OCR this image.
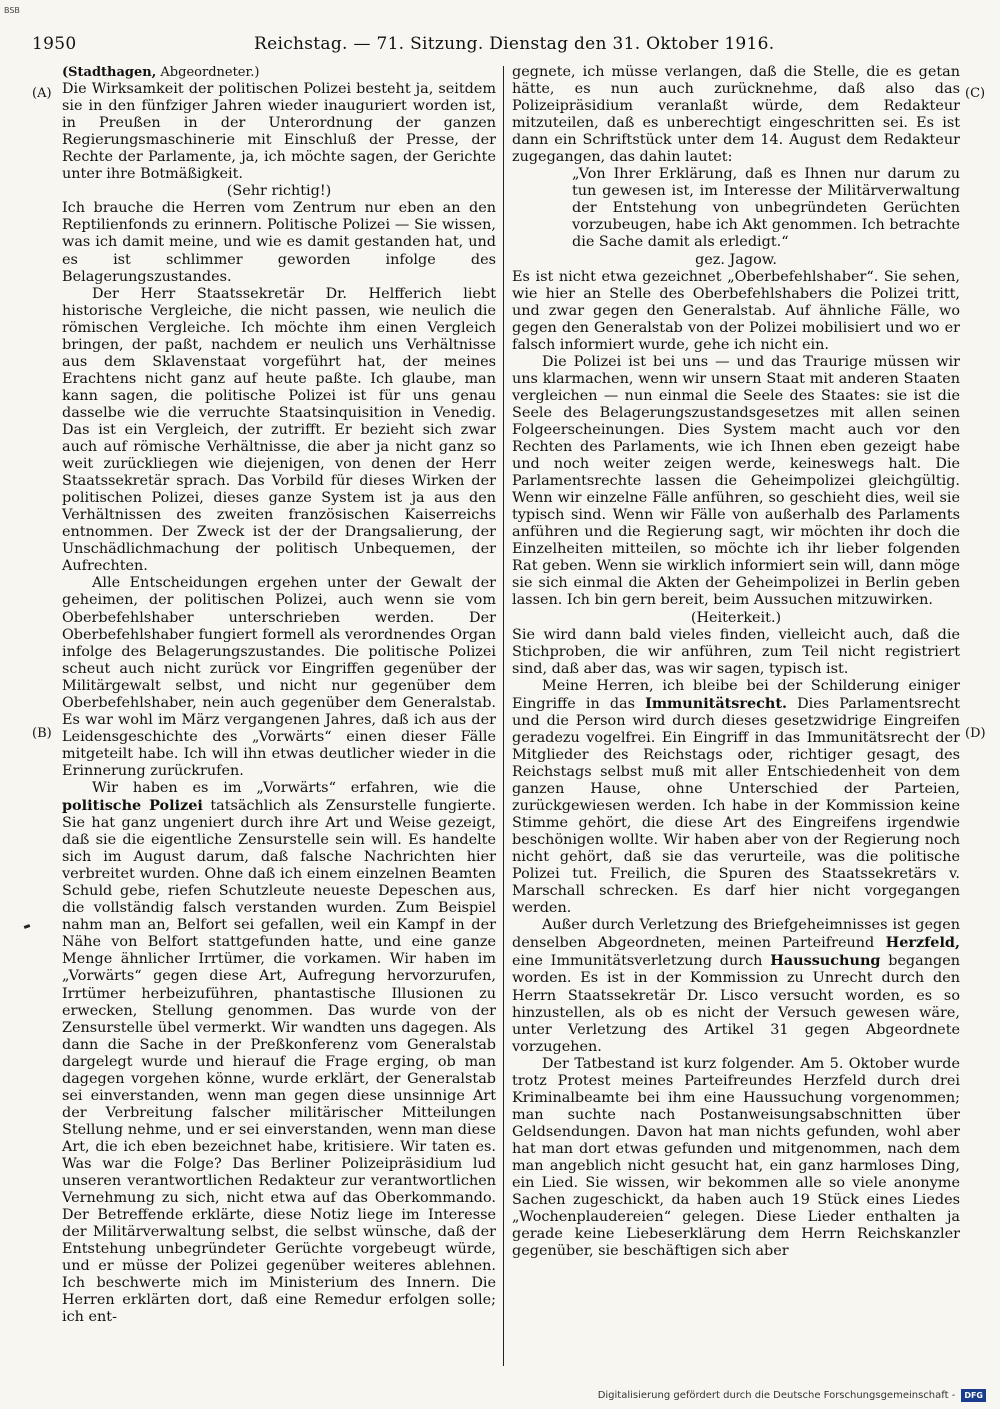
BSB
1950	Reichstag. — 71. Sitzung. Dienstag den 31. Oktober 1916.
(A)
(B)
(C)
(D)

(Stadthagen, Abgeordneter.)

Die Wirksamkeit der politischen Polizei besteht ja, seitdem sie in den fünfziger Jahren wieder inauguriert worden ist, in Preußen in der Unterordnung der ganzen Regierungsmaschinerie mit Einschluß der Presse, der Rechte der Parlamente, ja, ich möchte sagen, der Gerichte unter ihre Botmäßigkeit.

(Sehr richtig!)

Ich brauche die Herren vom Zentrum nur eben an den Reptilienfonds zu erinnern. Politische Polizei — Sie wissen, was ich damit meine, und wie es damit gestanden hat, und es ist schlimmer geworden infolge des Belagerungszustandes.

Der Herr Staatssekretär Dr. Helfferich liebt historische Vergleiche, die nicht passen, wie neulich die römischen Vergleiche. Ich möchte ihm einen Vergleich bringen, der paßt, nachdem er neulich uns Verhältnisse aus dem Sklavenstaat vorgeführt hat, der meines Erachtens nicht ganz auf heute paßte. Ich glaube, man kann sagen, die politische Polizei ist für uns genau dasselbe wie die verruchte Staatsinquisition in Venedig. Das ist ein Vergleich, der zutrifft. Er bezieht sich zwar auch auf römische Verhältnisse, die aber ja nicht ganz so weit zurückliegen wie diejenigen, von denen der Herr Staatssekretär sprach. Das Vorbild für dieses Wirken der politischen Polizei, dieses ganze System ist ja aus den Verhältnissen des zweiten französischen Kaiserreichs entnommen. Der Zweck ist der der Drangsalierung, der Unschädlichmachung der politisch Unbequemen, der Aufrechten.

Alle Entscheidungen ergehen unter der Gewalt der geheimen, der politischen Polizei, auch wenn sie vom Oberbefehlshaber unterschrieben werden. Der Oberbefehlshaber fungiert formell als verordnendes Organ infolge des Belagerungszustandes. Die politische Polizei scheut auch nicht zurück vor Eingriffen gegenüber der Militärgewalt selbst, und nicht nur gegenüber dem Oberbefehlshaber, nein auch gegenüber dem Generalstab. Es war wohl im März vergangenen Jahres, daß ich aus der Leidensgeschichte des „Vorwärts“ einen dieser Fälle mitgeteilt habe. Ich will ihn etwas deutlicher wieder in die Erinnerung zurückrufen.

Wir haben es im „Vorwärts“ erfahren, wie die politische Polizei tatsächlich als Zensurstelle fungierte. Sie hat ganz ungeniert durch ihre Art und Weise gezeigt, daß sie die eigentliche Zensurstelle sein will. Es handelte sich im August darum, daß falsche Nachrichten hier verbreitet wurden. Ohne daß ich einem einzelnen Beamten Schuld gebe, riefen Schutzleute neueste Depeschen aus, die vollständig falsch verstanden wurden. Zum Beispiel nahm man an, Belfort sei gefallen, weil ein Kampf in der Nähe von Belfort stattgefunden hatte, und eine ganze Menge ähnlicher Irrtümer, die vorkamen. Wir haben im „Vorwärts“ gegen diese Art, Aufregung hervorzurufen, Irrtümer herbeizuführen, phantastische Illusionen zu erwecken, Stellung genommen. Das wurde von der Zensurstelle übel vermerkt. Wir wandten uns dagegen. Als dann die Sache in der Preßkonferenz vom Generalstab dargelegt wurde und hierauf die Frage erging, ob man dagegen vorgehen könne, wurde erklärt, der Generalstab sei einverstanden, wenn man gegen diese unsinnige Art der Verbreitung falscher militärischer Mitteilungen Stellung nehme, und er sei einverstanden, wenn man diese Art, die ich eben bezeichnet habe, kritisiere. Wir taten es. Was war die Folge? Das Berliner Polizeipräsidium lud unseren verantwortlichen Redakteur zur verantwortlichen Vernehmung zu sich, nicht etwa auf das Oberkommando. Der Betreffende erklärte, diese Notiz liege im Interesse der Militärverwaltung selbst, die selbst wünsche, daß der Entstehung unbegründeter Gerüchte vorgebeugt würde, und er müsse der Polizei gegenüber weiteres ablehnen. Ich beschwerte mich im Ministerium des Innern. Die Herren erklärten dort, daß eine Remedur erfolgen solle; ich ent-

gegnete, ich müsse verlangen, daß die Stelle, die es getan hätte, es nun auch zurücknehme, daß also das Polizeipräsidium veranlaßt würde, dem Redakteur mitzuteilen, daß es unberechtigt eingeschritten sei. Es ist dann ein Schriftstück unter dem 14. August dem Redakteur zugegangen, das dahin lautet:

„Von Ihrer Erklärung, daß es Ihnen nur darum zu tun gewesen ist, im Interesse der Militärverwaltung der Entstehung von unbegründeten Gerüchten vorzubeugen, habe ich Akt genommen. Ich betrachte die Sache damit als erledigt.“
gez. Jagow.

Es ist nicht etwa gezeichnet „Oberbefehlshaber“. Sie sehen, wie hier an Stelle des Oberbefehlshabers die Polizei tritt, und zwar gegen den Generalstab. Auf ähnliche Fälle, wo gegen den Generalstab von der Polizei mobilisiert und wo er falsch informiert wurde, gehe ich nicht ein.

Die Polizei ist bei uns — und das Traurige müssen wir uns klarmachen, wenn wir unsern Staat mit anderen Staaten vergleichen — nun einmal die Seele des Staates: sie ist die Seele des Belagerungszustandsgesetzes mit allen seinen Folgeerscheinungen. Dies System macht auch vor den Rechten des Parlaments, wie ich Ihnen eben gezeigt habe und noch weiter zeigen werde, keineswegs halt. Die Parlamentsrechte lassen die Geheimpolizei gleichgültig. Wenn wir einzelne Fälle anführen, so geschieht dies, weil sie typisch sind. Wenn wir Fälle von außerhalb des Parlaments anführen und die Regierung sagt, wir möchten ihr doch die Einzelheiten mitteilen, so möchte ich ihr lieber folgenden Rat geben. Wenn sie wirklich informiert sein will, dann möge sie sich einmal die Akten der Geheimpolizei in Berlin geben lassen. Ich bin gern bereit, beim Aussuchen mitzuwirken.

(Heiterkeit.)

Sie wird dann bald vieles finden, vielleicht auch, daß die Stichproben, die wir anführen, zum Teil nicht registriert sind, daß aber das, was wir sagen, typisch ist.

Meine Herren, ich bleibe bei der Schilderung einiger Eingriffe in das Immunitätsrecht. Dies Parlamentsrecht und die Person wird durch dieses gesetzwidrige Eingreifen geradezu vogelfrei. Ein Eingriff in das Immunitätsrecht der Mitglieder des Reichstags oder, richtiger gesagt, des Reichstags selbst muß mit aller Entschiedenheit von dem ganzen Hause, ohne Unterschied der Parteien, zurückgewiesen werden. Ich habe in der Kommission keine Stimme gehört, die diese Art des Eingreifens irgendwie beschönigen wollte. Wir haben aber von der Regierung noch nicht gehört, daß sie das verurteile, was die politische Polizei tut. Freilich, die Spuren des Staatssekretärs v. Marschall schrecken. Es darf hier nicht vorgegangen werden.

Außer durch Verletzung des Briefgeheimnisses ist gegen denselben Abgeordneten, meinen Parteifreund Herzfeld, eine Immunitätsverletzung durch Haussuchung begangen worden. Es ist in der Kommission zu Unrecht durch den Herrn Staatssekretär Dr. Lisco versucht worden, es so hinzustellen, als ob es nicht der Versuch gewesen wäre, unter Verletzung des Artikel 31 gegen Abgeordnete vorzugehen.

Der Tatbestand ist kurz folgender. Am 5. Oktober wurde trotz Protest meines Parteifreundes Herzfeld durch drei Kriminalbeamte bei ihm eine Haussuchung vorgenommen; man suchte nach Postanweisungsabschnitten über Geldsendungen. Davon hat man nichts gefunden, wohl aber hat man dort etwas gefunden und mitgenommen, nach dem man angeblich nicht gesucht hat, ein ganz harmloses Ding, ein Lied. Sie wissen, wir bekommen alle so viele anonyme Sachen zugeschickt, da haben auch 19 Stück eines Liedes „Wochenplaudereien“ gelegen. Diese Lieder enthalten ja gerade keine Liebeserklärung dem Herrn Reichskanzler gegenüber, sie beschäftigen sich aber

Digitalisierung gefördert durch die Deutsche Forschungsgemeinschaft -	DFG
